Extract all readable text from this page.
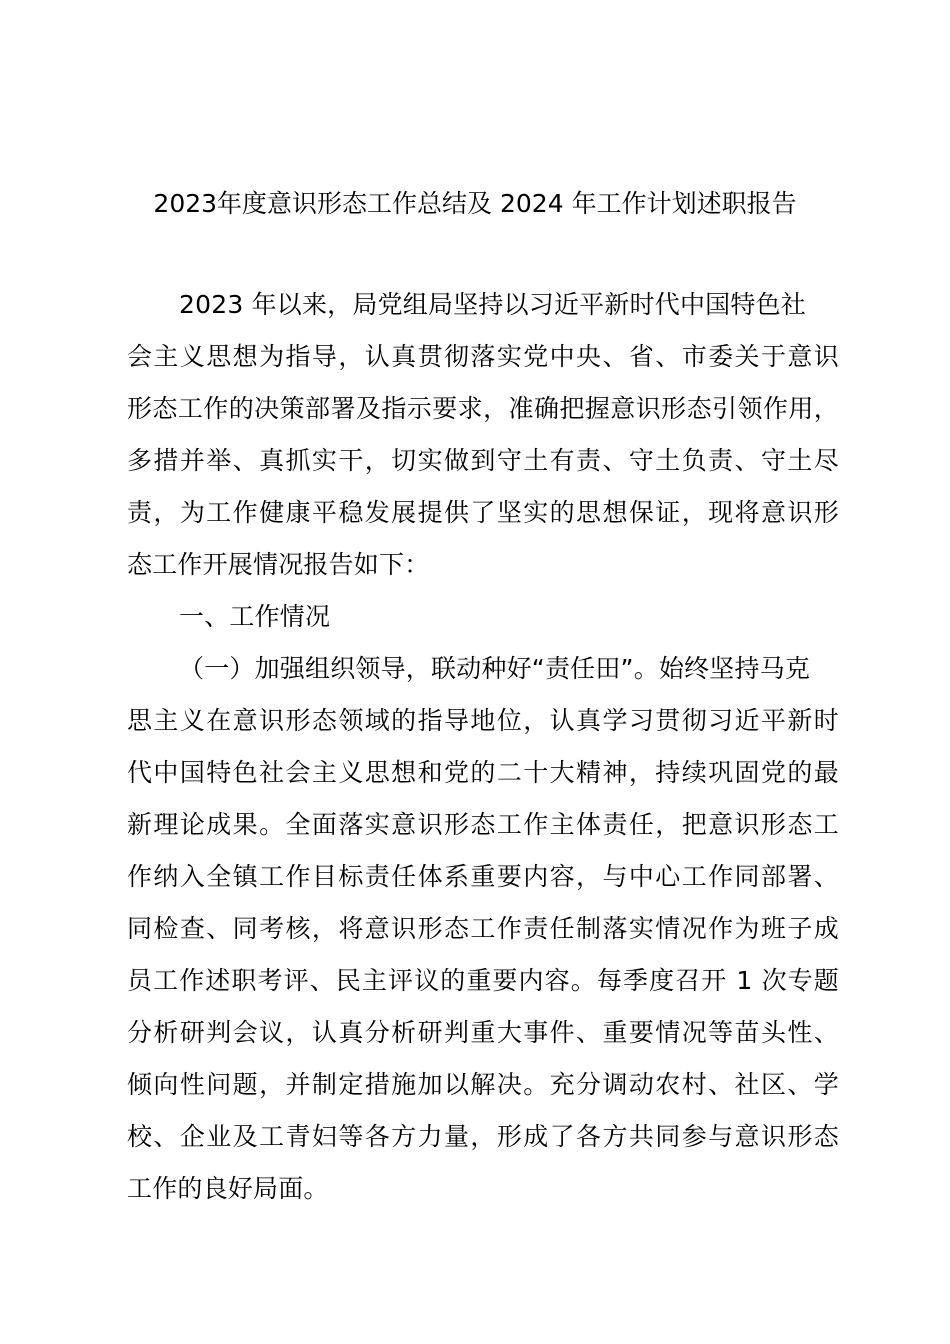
2023年度意识形态工作总结及 2024 年工作计划述职报告
2023 年以来，局党组局坚持以习近平新时代中国特色社
会主义思想为指导，认真贯彻落实党中央、省、市委关于意识
形态工作的决策部署及指示要求，准确把握意识形态引领作用，
多措并举、真抓实干，切实做到守土有责、守土负责、守土尽
责，为工作健康平稳发展提供了坚实的思想保证，现将意识形
态工作开展情况报告如下：
一、工作情况
（一）加强组织领导，联动种好“责任田”。始终坚持马克
思主义在意识形态领域的指导地位，认真学习贯彻习近平新时
代中国特色社会主义思想和党的二十大精神，持续巩固党的最
新理论成果。全面落实意识形态工作主体责任，把意识形态工
作纳入全镇工作目标责任体系重要内容，与中心工作同部署、
同检查、同考核，将意识形态工作责任制落实情况作为班子成
员工作述职考评、民主评议的重要内容。每季度召开 1 次专题
分析研判会议，认真分析研判重大事件、重要情况等苗头性、
倾向性问题，并制定措施加以解决。充分调动农村、社区、学
校、企业及工青妇等各方力量，形成了各方共同参与意识形态
工作的良好局面。
